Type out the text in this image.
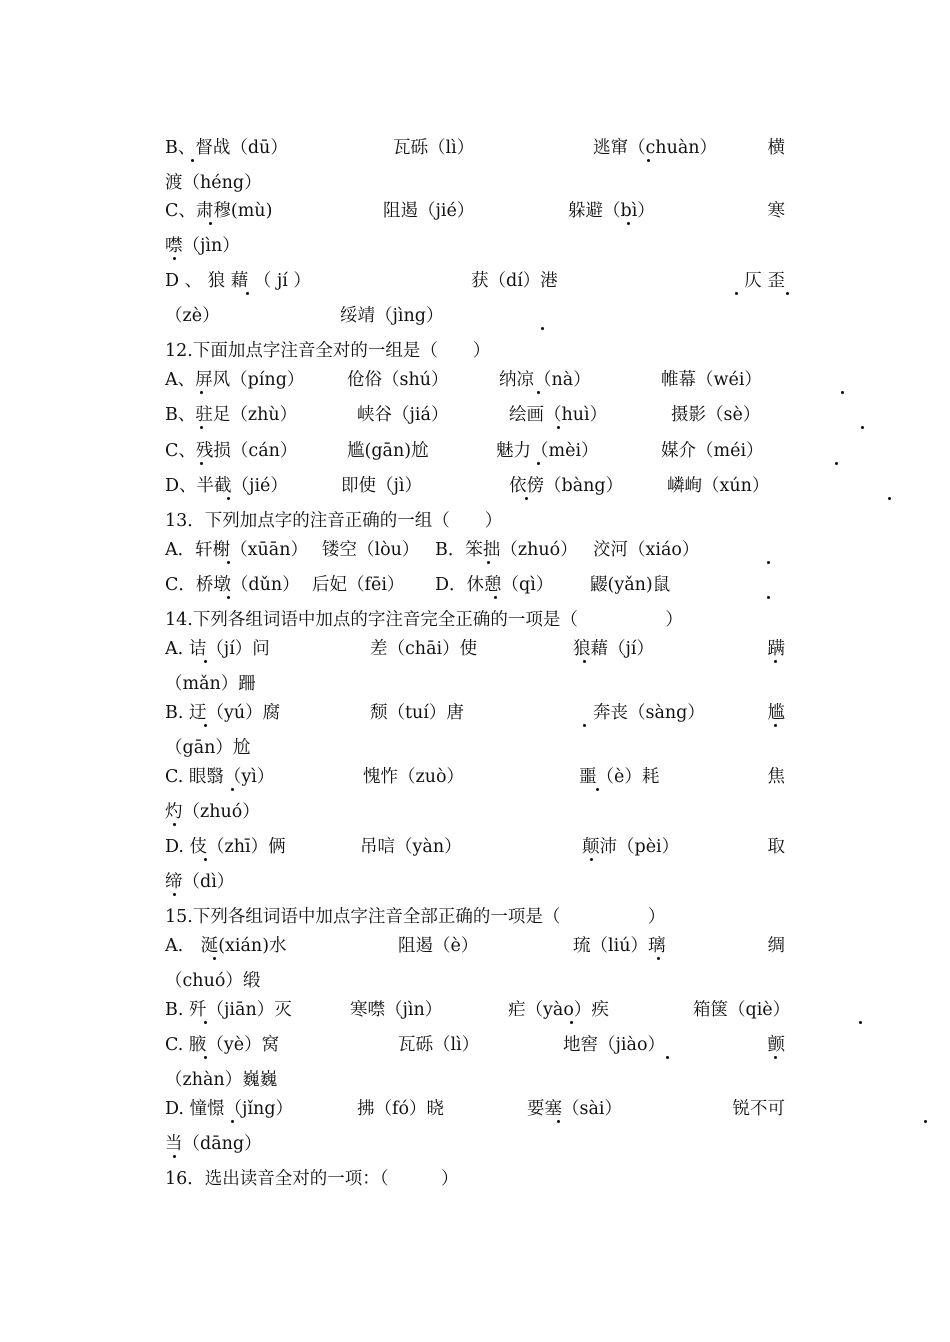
B、督战（dū）	瓦砾（lì）	逃窜（chuàn）	横
渡（héng）
C、肃穆(mù)	阻遏（jié）	躲避（bì）	寒
噤（jìn）
D 、 狼 藉 （ jí ）	获（dí）港	仄 歪
（zè）	绥靖（jìng）
12.下面加点字注音全对的一组是（　　）
A、屏风（píng） 伧俗（shú）	纳凉（nà）	帷幕（wéi）
B、驻足（zhù）	峡谷（jiá）	绘画（huì）	摄影（sè）
C、残损（cán）	尴(gān)尬	魅力（mèi）	媒介（méi）
D、半截（jié）	即使（jì）	依傍（bàng）	嶙峋（xún）
13．下列加点字的注音正确的一组（　　）
A．轩榭（xūān） 镂空（lòu） B．笨拙（zhuó） 洨河（xiáo）
C．桥墩（dǔn） 后妃（fēi） D．休憩（qì） 鼹(yǎn)鼠
14.下列各组词语中加点的字注音完全正确的一项是（　　　　　）
A. 诘（jí）问	差（chāi）使	狼藉（jí）	蹒
（mǎn）跚
B. 迂（yú）腐	颓（tuí）唐	奔丧（sàng）	尴
（gān）尬
C. 眼翳（yì）	愧怍（zuò）	噩（è）耗	焦
灼（zhuó）
D. 伎（zhī）俩	吊唁（yàn）	颠沛（pèi）	取
缔（dì）
15.下列各组词语中加点字注音全部正确的一项是（　　　　　）
A.　涎(xián)水	阻遏（è）	琉（liú）璃	绸
（chuó）缎
B. 歼（jiān）灭	寒噤（jìn）	疟（yào）疾	箱箧（qiè）
C. 腋（yè）窝	瓦砾（lì）	地窖（jiào）	颤
（zhàn）巍巍
D. 憧憬（jǐng）	拂（fó）晓	要塞（sài）	锐不可
当（dāng）
16．选出读音全对的一项：（　　　）
